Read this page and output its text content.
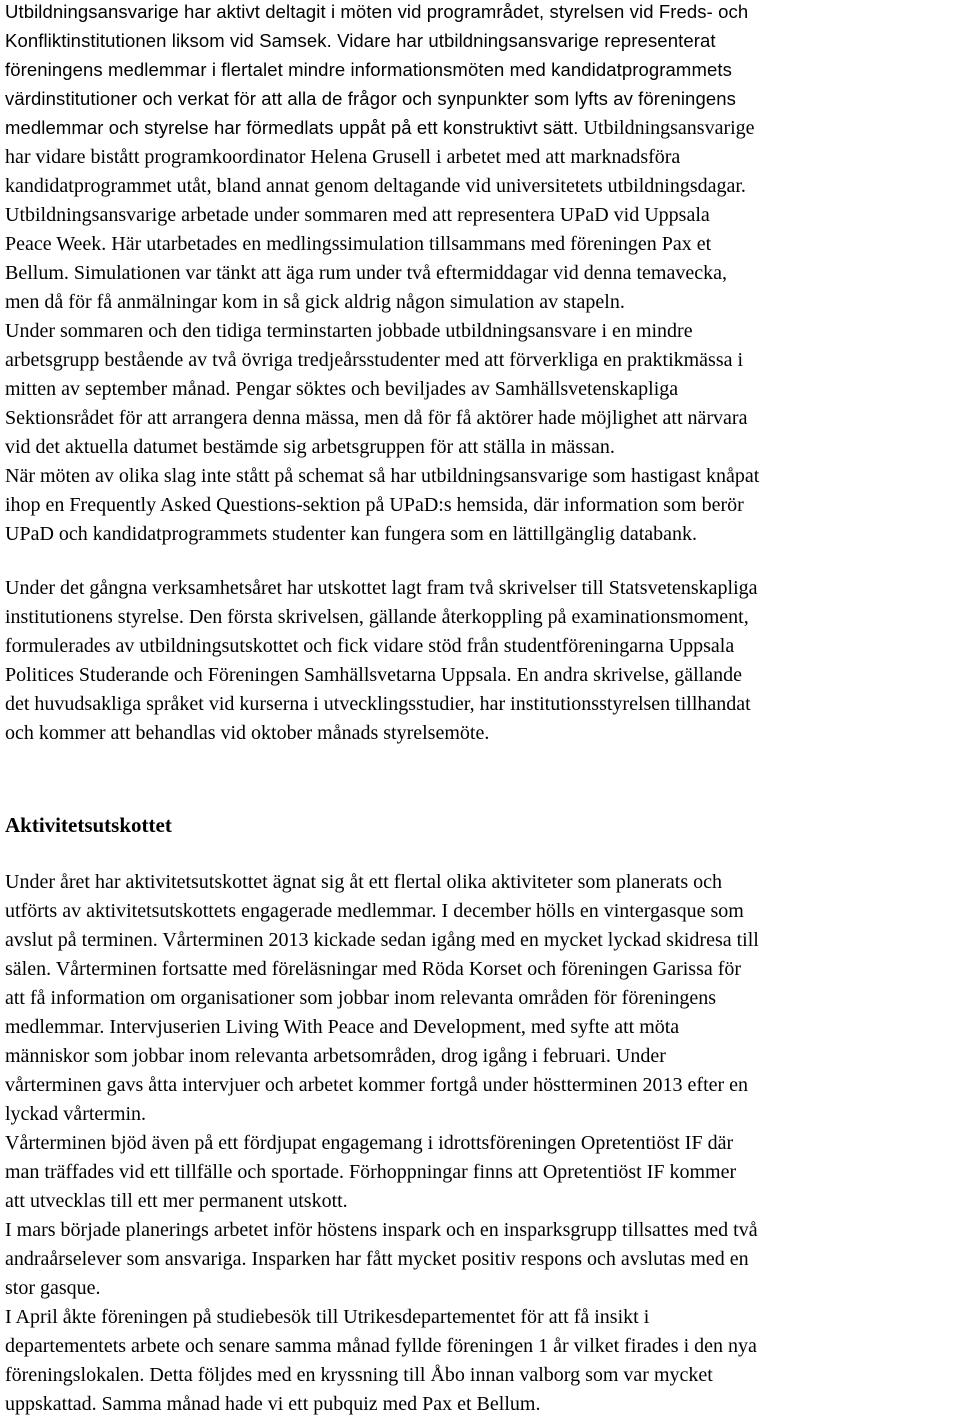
Utbildningsansvarige har aktivt deltagit i möten vid programrådet, styrelsen vid Freds- och
Konfliktinstitutionen liksom vid Samsek. Vidare har utbildningsansvarige representerat
föreningens medlemmar i flertalet mindre informationsmöten med kandidatprogrammets
värdinstitutioner och verkat för att alla de frågor och synpunkter som lyfts av föreningens
medlemmar och styrelse har förmedlats uppåt på ett konstruktivt sätt. Utbildningsansvarige
har vidare bistått programkoordinator Helena Grusell i arbetet med att marknadsföra
kandidatprogrammet utåt, bland annat genom deltagande vid universitetets utbildningsdagar.
Utbildningsansvarige arbetade under sommaren med att representera UPaD vid Uppsala
Peace Week. Här utarbetades en medlingssimulation tillsammans med föreningen Pax et
Bellum. Simulationen var tänkt att äga rum under två eftermiddagar vid denna temavecka,
men då för få anmälningar kom in så gick aldrig någon simulation av stapeln.
Under sommaren och den tidiga terminstarten jobbade utbildningsansvare i en mindre
arbetsgrupp bestående av två övriga tredjeårsstudenter med att förverkliga en praktikmässa i
mitten av september månad. Pengar söktes och beviljades av Samhällsvetenskapliga
Sektionsrådet för att arrangera denna mässa, men då för få aktörer hade möjlighet att närvara
vid det aktuella datumet bestämde sig arbetsgruppen för att ställa in mässan.
När möten av olika slag inte stått på schemat så har utbildningsansvarige som hastigast knåpat
ihop en Frequently Asked Questions-sektion på UPaD:s hemsida, där information som berör
UPaD och kandidatprogrammets studenter kan fungera som en lättillgänglig databank.

Under det gångna verksamhetsåret har utskottet lagt fram två skrivelser till Statsvetenskapliga
institutionens styrelse. Den första skrivelsen, gällande återkoppling på examinationsmoment,
formulerades av utbildningsutskottet och fick vidare stöd från studentföreningarna Uppsala
Politices Studerande och Föreningen Samhällsvetarna Uppsala. En andra skrivelse, gällande
det huvudsakliga språket vid kurserna i utvecklingsstudier, har institutionsstyrelsen tillhandat
och kommer att behandlas vid oktober månads styrelsemöte.

Aktivitetsutskottet

Under året har aktivitetsutskottet ägnat sig åt ett flertal olika aktiviteter som planerats och
utförts av aktivitetsutskottets engagerade medlemmar. I december hölls en vintergasque som
avslut på terminen. Vårterminen 2013 kickade sedan igång med en mycket lyckad skidresa till
sälen. Vårterminen fortsatte med föreläsningar med Röda Korset och föreningen Garissa för
att få information om organisationer som jobbar inom relevanta områden för föreningens
medlemmar. Intervjuserien Living With Peace and Development, med syfte att möta
människor som jobbar inom relevanta arbetsområden, drog igång i februari. Under
vårterminen gavs åtta intervjuer och arbetet kommer fortgå under höstterminen 2013 efter en
lyckad vårtermin.
Vårterminen bjöd även på ett fördjupat engagemang i idrottsföreningen Opretentiöst IF där
man träffades vid ett tillfälle och sportade. Förhoppningar finns att Opretentiöst IF kommer
att utvecklas till ett mer permanent utskott.
I mars började planerings arbetet inför höstens inspark och en insparksgrupp tillsattes med två
andraårselever som ansvariga. Insparken har fått mycket positiv respons och avslutas med en
stor gasque.
I April åkte föreningen på studiebesök till Utrikesdepartementet för att få insikt i
departementets arbete och senare samma månad fyllde föreningen 1 år vilket firades i den nya
föreningslokalen. Detta följdes med en kryssning till Åbo innan valborg som var mycket
uppskattad. Samma månad hade vi ett pubquiz med Pax et Bellum.
